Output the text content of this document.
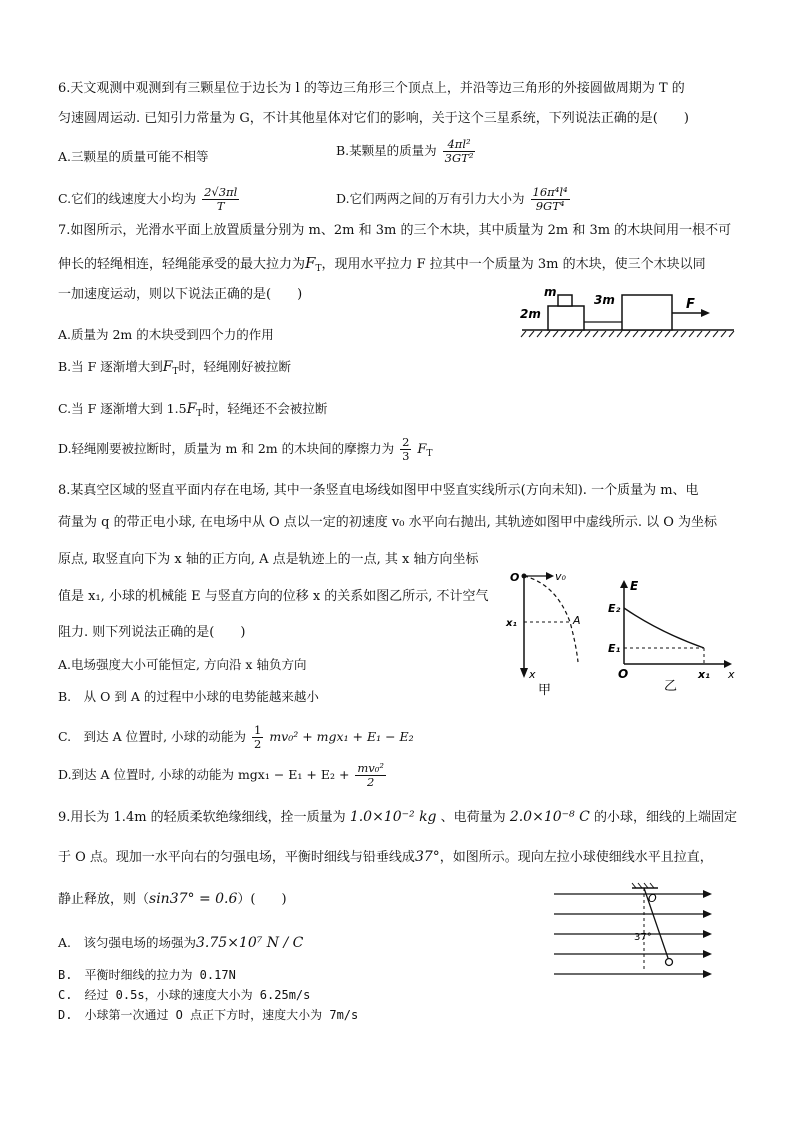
6.天文观测中观测到有三颗星位于边长为 l 的等边三角形三个顶点上，并沿等边三角形的外接圆做周期为 T 的
匀速圆周运动. 已知引力常量为 G，不计其他星体对它们的影响，关于这个三星系统，下列说法正确的是(　　)
A.三颗星的质量可能不相等	B.某颗星的质量为 $\frac{\text{4πl²}}{\text{3GT²}}$
C.它们的线速度大小均为 $\frac{2√3\pi l}{T}$	D.它们两两之间的万有引力大小为 $\frac{\text{16π⁴l⁴}}{\text{9GT⁴}}$
7.如图所示，光滑水平面上放置质量分别为 m、2m 和 3m 的三个木块，其中质量为 2m 和 3m 的木块间用一根不可
伸长的轻绳相连，轻绳能承受的最大拉力为$F_T$，现用水平拉力 F 拉其中一个质量为 3m 的木块，使三个木块以同
一加速度运动，则以下说法正确的是(　　)
A.质量为 2m 的木块受到四个力的作用
B.当 F 逐渐增大到$F_T$时，轻绳刚好被拉断
C.当 F 逐渐增大到 $1.5F_T$时，轻绳还不会被拉断
D.轻绳刚要被拉断时，质量为 m 和 2m 的木块间的摩擦力为 $\frac{2}{3} F_T$
m
2m
3m	F
8.某真空区域的竖直平面内存在电场, 其中一条竖直电场线如图甲中竖直实线所示(方向未知). 一个质量为 m、电
荷量为 q 的带正电小球, 在电场中从 O 点以一定的初速度 v₀ 水平向右抛出, 其轨迹如图甲中虚线所示. 以 O 为坐标
原点, 取竖直向下为 x 轴的正方向, A 点是轨迹上的一点, 其 x 轴方向坐标
值是 x₁, 小球的机械能 E 与竖直方向的位移 x 的关系如图乙所示, 不计空气
阻力. 则下列说法正确的是(　　)
A.电场强度大小可能恒定, 方向沿 x 轴负方向
B.　从 O 到 A 的过程中小球的电势能越来越小
C.　到达 A 位置时, 小球的动能为 $\frac{1}{2} mv_0^2 + mgx_1 + E_1 - E_2$
D.到达 A 位置时, 小球的动能为 $mgx_1 - E_1 + E_2 + \frac{\text{mv₀²}}{2}$
O	v₀
x₁	A
x
甲
E
E₂
E₁
O	x₁ x
乙
9.用长为 1.4m 的轻质柔软绝缘细线，拴一质量为 1.0×10⁻² kg 、电荷量为 2.0×10⁻⁸ C 的小球，细线的上端固定
于 O 点。现加一水平向右的匀强电场，平衡时细线与铅垂线成37°，如图所示。现向左拉小球使细线水平且拉直，
静止释放，则（sin37° = 0.6）(　　)
A.　该匀强电场的场强为3.75×10⁷ N / C
B.　平衡时细线的拉力为 0.17N
C.　经过 0.5s，小球的速度大小为 6.25m/s
D.　小球第一次通过 O 点正下方时，速度大小为 7m/s
O
37°
